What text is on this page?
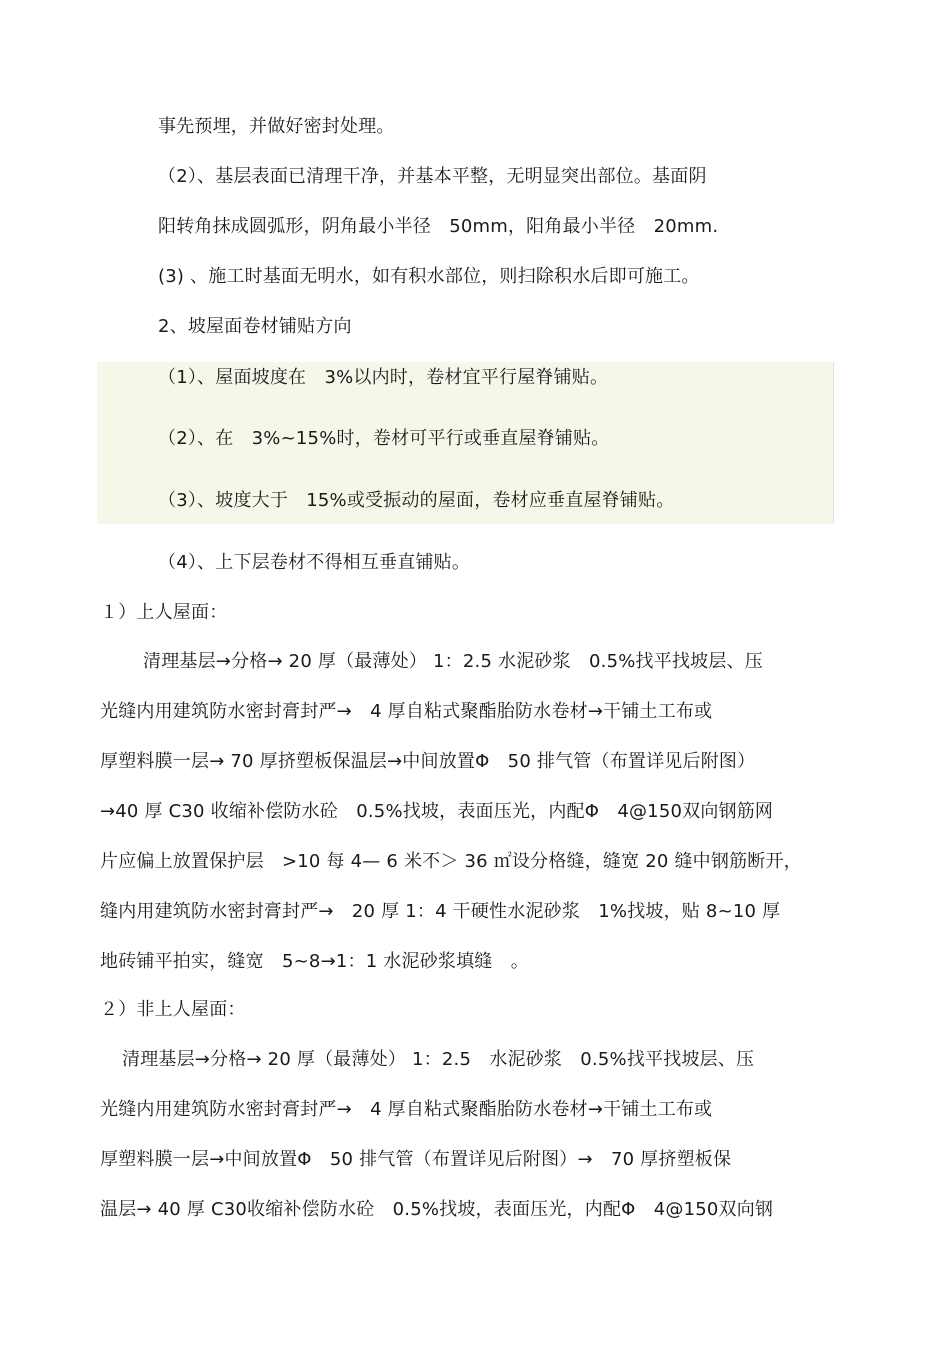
事先预埋，并做好密封处理。
（2）、基层表面已清理干净，并基本平整，无明显突出部位。基面阴
阳转角抹成圆弧形，阴角最小半径　50mm，阳角最小半径　20mm.
(3) 、施工时基面无明水，如有积水部位，则扫除积水后即可施工。
2、坡屋面卷材铺贴方向
（1）、屋面坡度在　3%以内时，卷材宜平行屋脊铺贴。
（2）、在　3%~15%时，卷材可平行或垂直屋脊铺贴。
（3）、坡度大于　15%或受振动的屋面，卷材应垂直屋脊铺贴。
（4）、上下层卷材不得相互垂直铺贴。
１）上人屋面：
清理基层→分格→ 20 厚（最薄处） 1：2.5 水泥砂浆　0.5%找平找坡层、压
光缝内用建筑防水密封膏封严→　4 厚自粘式聚酯胎防水卷材→干铺土工布或
厚塑料膜一层→ 70 厚挤塑板保温层→中间放置Φ　50 排气管（布置详见后附图）
→40 厚 C30 收缩补偿防水砼　0.5%找坡，表面压光，内配Φ　4@150双向钢筋网
片应偏上放置保护层　>10 每 4— 6 米不＞ 36 ㎡设分格缝，缝宽 20 缝中钢筋断开，
缝内用建筑防水密封膏封严→　20 厚 1：4 干硬性水泥砂浆　1%找坡，贴 8~10 厚
地砖铺平拍实，缝宽　5~8→1：1 水泥砂浆填缝　。
２）非上人屋面：
清理基层→分格→ 20 厚（最薄处） 1：2.5　水泥砂浆　0.5%找平找坡层、压
光缝内用建筑防水密封膏封严→　4 厚自粘式聚酯胎防水卷材→干铺土工布或
厚塑料膜一层→中间放置Φ　50 排气管（布置详见后附图）→　70 厚挤塑板保
温层→ 40 厚 C30收缩补偿防水砼　0.5%找坡，表面压光，内配Φ　4@150双向钢
